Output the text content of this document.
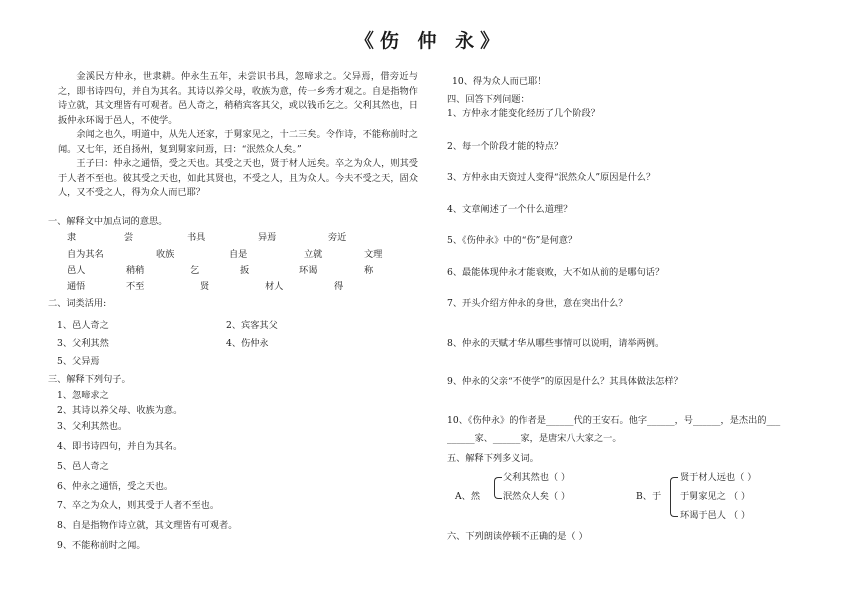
《伤 仲 永》

金溪民方仲永，世隶耕。仲永生五年，未尝识书具，忽啼求之。父异焉，借旁近与之，即书诗四句，并自为其名。其诗以养父母，收族为意，传一乡秀才观之。自是指物作诗立就，其文理皆有可观者。邑人奇之，稍稍宾客其父，或以钱币乞之。父利其然也，日扳仲永环谒于邑人，不使学。

余闻之也久，明道中，从先人还家，于舅家见之，十二三矣。令作诗，不能称前时之闻。又七年，还自扬州，复到舅家问焉，曰：“泯然众人矣。”

王子曰：仲永之通悟，受之天也。其受之天也，贤于材人远矣。卒之为众人，则其受于人者不至也。彼其受之天也，如此其贤也，不受之人，且为众人。今夫不受之天，固众人，又不受之人，得为众人而已耶？

一、解释文中加点词的意思。
隶	尝	书具	异焉	旁近
自为其名	收族	自是	立就	文理
邑人	稍稍	乞	扳	环谒	称
通悟	不至	贤	材人	得
二、词类活用:
1、邑人奇之	2、宾客其父
3、父利其然	4、伤仲永
5、父异焉
三、解释下列句子。
1、忽啼求之
2、其诗以养父母、收族为意。
3、父利其然也。
4、即书诗四句，并自为其名。
5、邑人奇之
6、仲永之通悟，受之天也。
7、卒之为众人，则其受于人者不至也。
8、自是指物作诗立就，其文理皆有可观者。
9、不能称前时之闻。
10、得为众人而已耶！
四、回答下列问题：
1、方仲永才能变化经历了几个阶段？
2、每一个阶段才能的特点？
3、方仲永由天资过人变得“泯然众人”原因是什么？
4、文章阐述了一个什么道理？
5、《伤仲永》中的“伤”是何意？
6、最能体现仲永才能衰败，大不如从前的是哪句话？
7、开头介绍方仲永的身世，意在突出什么？
8、仲永的天赋才华从哪些事情可以说明，请举两例。
9、仲永的父亲“不使学”的原因是什么？其具体做法怎样？
10、《伤仲永》的作者是______代的王安石。他字______，号______，是杰出的___
______家、______家，是唐宋八大家之一。
五、解释下列多义词。
A、然
父利其然也（ ）
泯然众人矣（ ）	B、于
贤于材人远也（ ）
于舅家见之 （ ）
环谒于邑人 （ ）
六、下列朗读停顿不正确的是（ ）
